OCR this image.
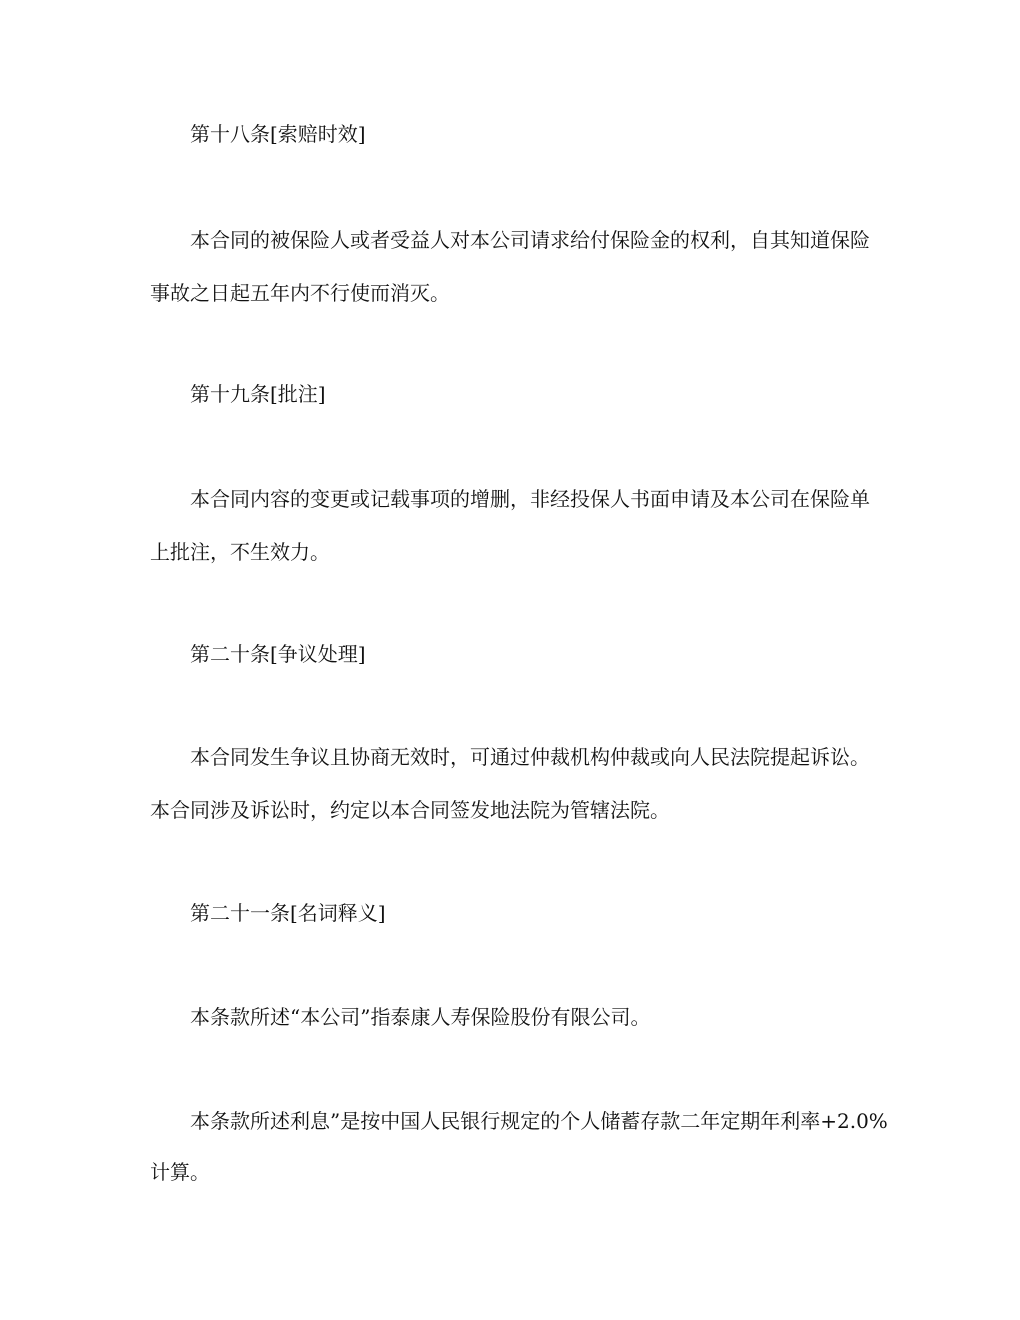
第十八条[索赔时效]
本合同的被保险人或者受益人对本公司请求给付保险金的权利，自其知道保险
事故之日起五年内不行使而消灭。
第十九条[批注]
本合同内容的变更或记载事项的增删，非经投保人书面申请及本公司在保险单
上批注，不生效力。
第二十条[争议处理]
本合同发生争议且协商无效时，可通过仲裁机构仲裁或向人民法院提起诉讼。
本合同涉及诉讼时，约定以本合同签发地法院为管辖法院。
第二十一条[名词释义]
本条款所述“本公司”指泰康人寿保险股份有限公司。
本条款所述利息”是按中国人民银行规定的个人储蓄存款二年定期年利率+2.0%
计算。
